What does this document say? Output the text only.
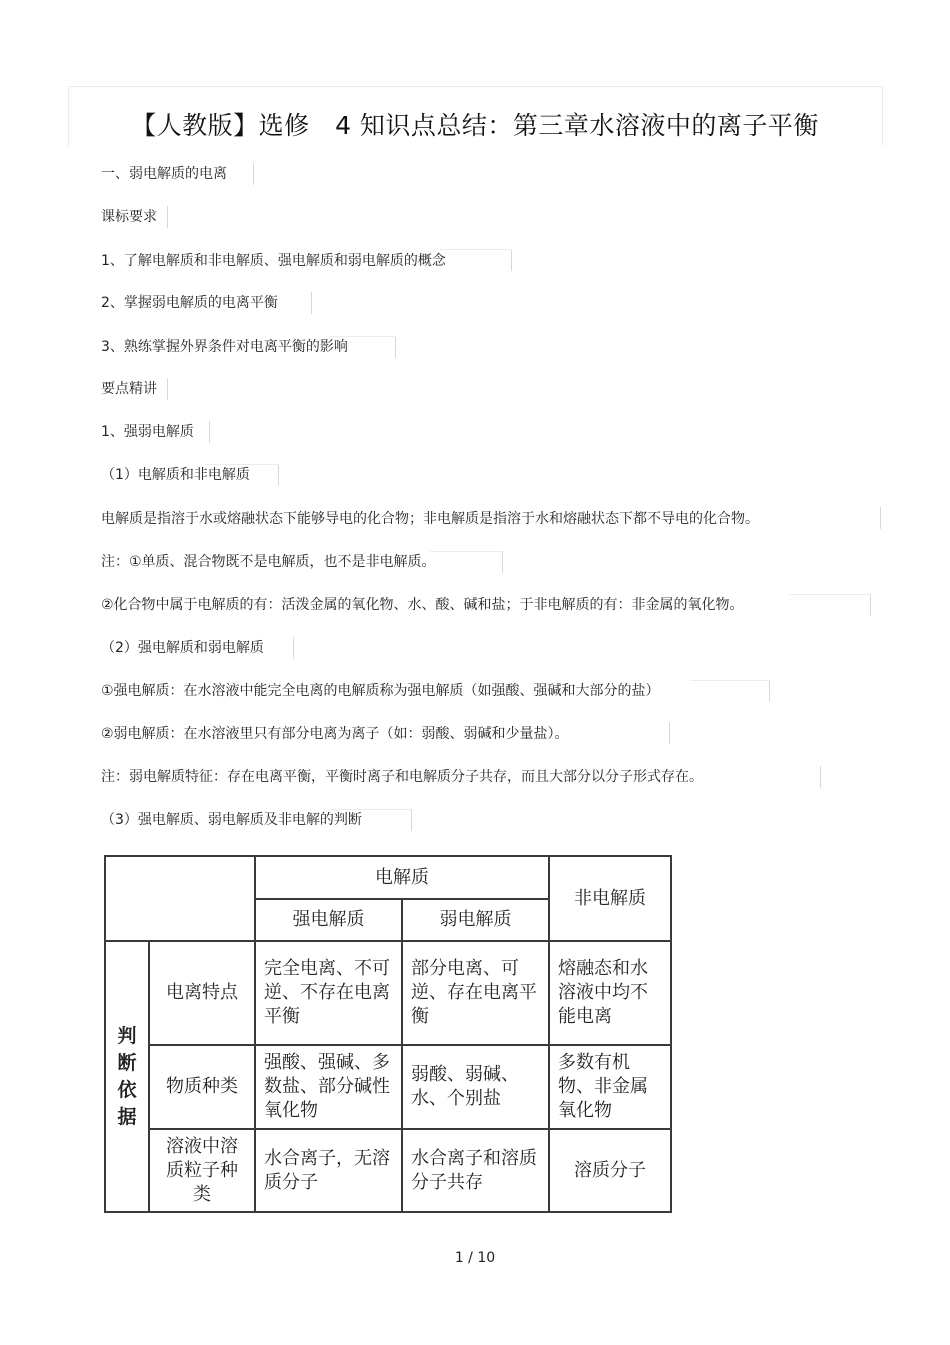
【人教版】选修　4 知识点总结：第三章水溶液中的离子平衡
一、弱电解质的电离
课标要求
1、了解电解质和非电解质、强电解质和弱电解质的概念
2、掌握弱电解质的电离平衡
3、熟练掌握外界条件对电离平衡的影响
要点精讲
1、强弱电解质
（1）电解质和非电解质
电解质是指溶于水或熔融状态下能够导电的化合物；非电解质是指溶于水和熔融状态下都不导电的化合物。
注：①单质、混合物既不是电解质，也不是非电解质。
②化合物中属于电解质的有：活泼金属的氧化物、水、酸、碱和盐；于非电解质的有：非金属的氧化物。
（2）强电解质和弱电解质
①强电解质：在水溶液中能完全电离的电解质称为强电解质（如强酸、强碱和大部分的盐）
②弱电解质：在水溶液里只有部分电离为离子（如：弱酸、弱碱和少量盐）。
注：弱电解质特征：存在电离平衡，平衡时离子和电解质分子共存，而且大部分以分子形式存在。
（3）强电解质、弱电解质及非电解的判断
		电解质		非电解质
		强电解质	弱电解质	
判断依据	电离特点	完全电离、不可逆、不存在电离平衡	部分电离、可逆、存在电离平衡	熔融态和水溶液中均不能电离
	物质种类	强酸、强碱、多数盐、部分碱性氧化物	弱酸、弱碱、水、个别盐	多数有机物、非金属氧化物
	溶液中溶质粒子种类	水合离子，无溶质分子	水合离子和溶质分子共存	溶质分子
1 / 10
